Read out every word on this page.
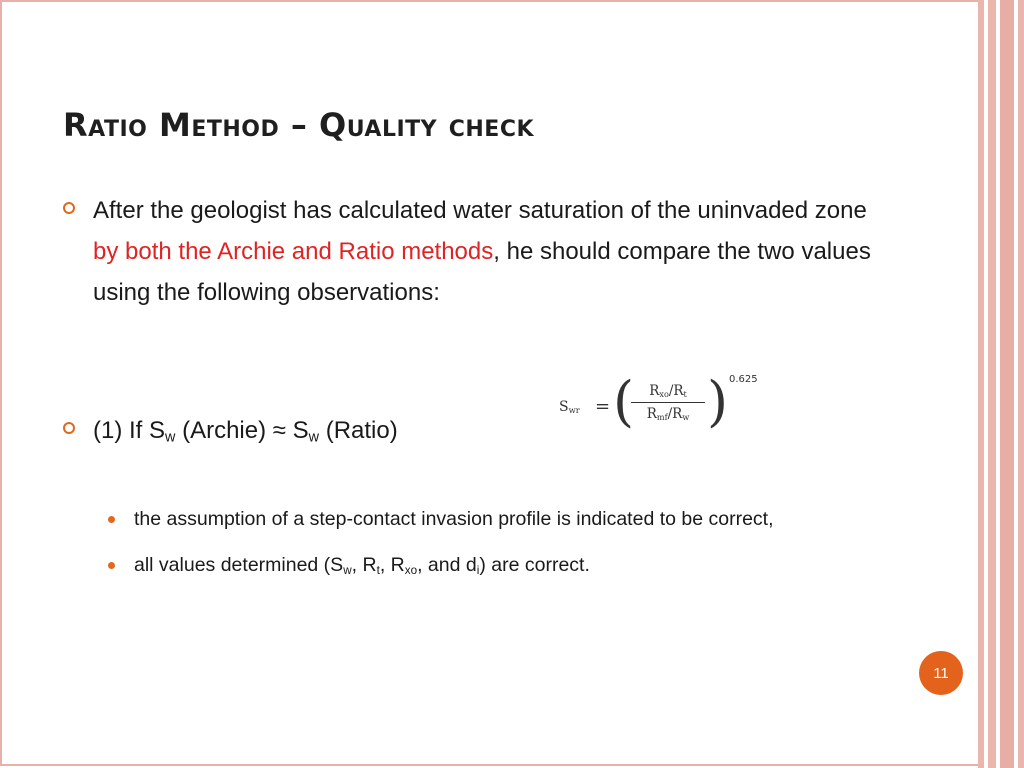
Ratio Method – Quality check
After the geologist has calculated water saturation of the uninvaded zone by both the Archie and Ratio methods, he should compare the two values using the following observations:
(1) If $S_w$ (Archie) ≈ $S_w$ (Ratio)
$S_{wr}$ = (	$R_{xo}/R_t$
$R_{mf}/R_w$ ) 0.625
the assumption of a step-contact invasion profile is indicated to be correct,
all values determined ($S_w$, $R_t$, $R_{xo}$, and $d_i$) are correct.
11
